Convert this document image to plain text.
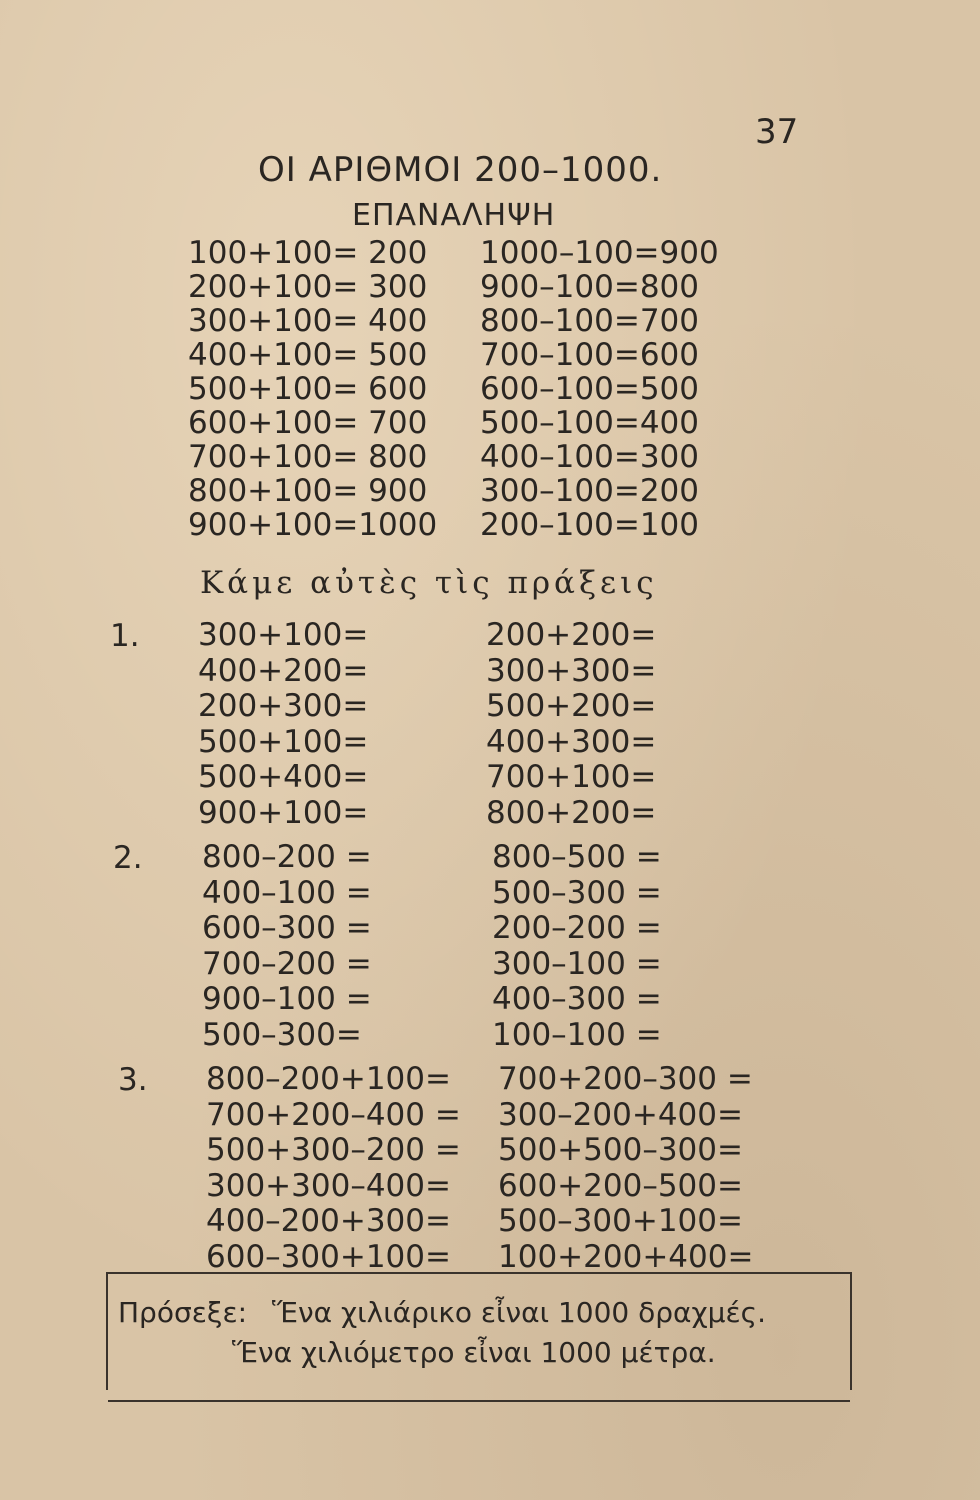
37
ΟΙ ΑΡΙΘΜΟΙ 200–1000.
ΕΠΑΝΑΛΗΨΗ
100+100= 200
200+100= 300
300+100= 400
400+100= 500
500+100= 600
600+100= 700
700+100= 800
800+100= 900
900+100=1000
1000–100=900
900–100=800
800–100=700
700–100=600
600–100=500
500–100=400
400–100=300
300–100=200
200–100=100
Κάμε αὐτὲς τὶς πράξεις
1. 300+100=
400+200=
200+300=
500+100=
500+400=
900+100=
200+200=
300+300=
500+200=
400+300=
700+100=
800+200=
2. 800–200 =
400–100 =
600–300 =
700–200 =
900–100 =
500–300=
800–500 =
500–300 =
200–200 =
300–100 =
400–300 =
100–100 =
3. 800–200+100=
700+200–400 =
500+300–200 =
300+300–400=
400–200+300=
600–300+100=
700+200–300 =
300–200+400=
500+500–300=
600+200–500=
500–300+100=
100+200+400=
Πρόσεξε: Ἕνα χιλιάρικο εἶναι 1000 δραχμές.
Ἕνα χιλιόμετρο εἶναι 1000 μέτρα.
